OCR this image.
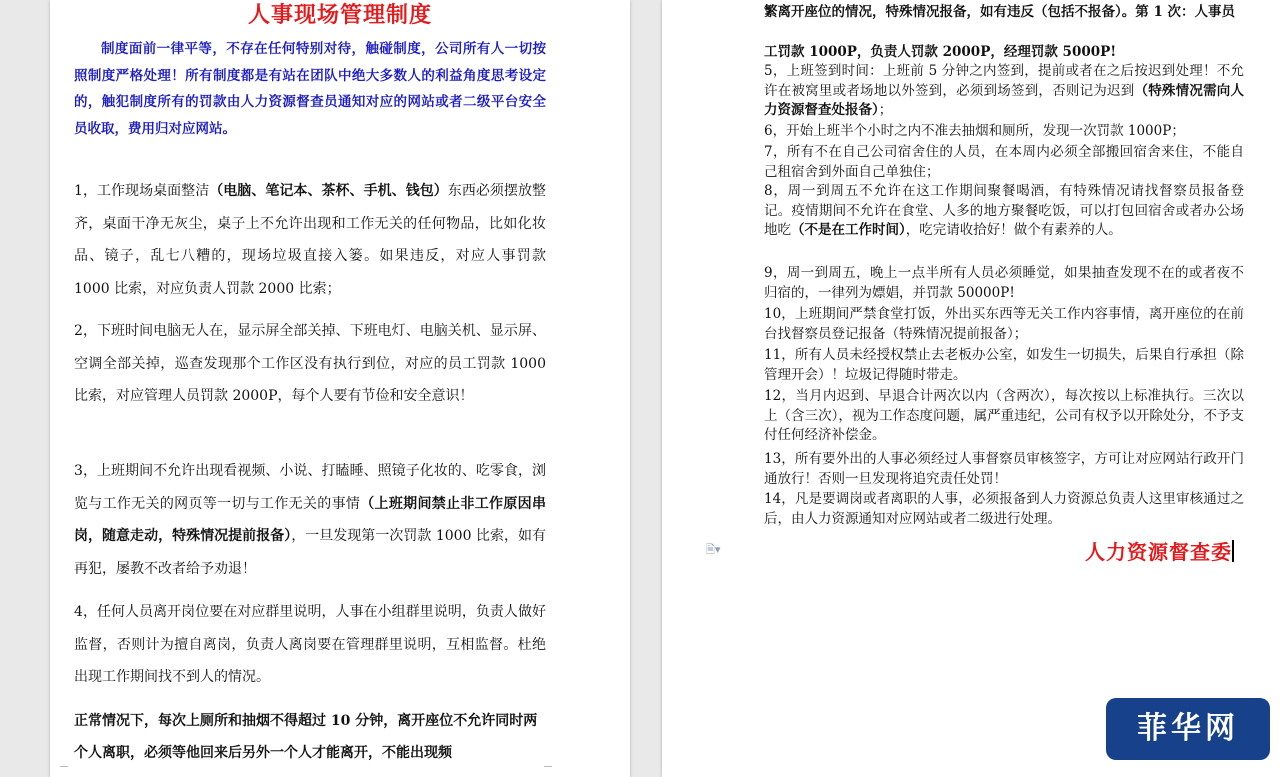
人事现场管理制度
制度面前一律平等，不存在任何特别对待，触碰制度，公司所有人一切按照制度严格处理！所有制度都是有站在团队中绝大多数人的利益角度思考设定的，触犯制度所有的罚款由人力资源督查员通知对应的网站或者二级平台安全员收取，费用归对应网站。
1，工作现场桌面整洁（电脑、笔记本、茶杯、手机、钱包）东西必须摆放整齐，桌面干净无灰尘，桌子上不允许出现和工作无关的任何物品，比如化妆品、镜子，乱七八糟的，现场垃圾直接入篓。如果违反，对应人事罚款 1000 比索，对应负责人罚款 2000 比索；
2，下班时间电脑无人在，显示屏全部关掉、下班电灯、电脑关机、显示屏、空调全部关掉，巡查发现那个工作区没有执行到位，对应的员工罚款 1000 比索，对应管理人员罚款 2000P，每个人要有节俭和安全意识！
3，上班期间不允许出现看视频、小说、打瞌睡、照镜子化妆的、吃零食，浏览与工作无关的网页等一切与工作无关的事情（上班期间禁止非工作原因串岗，随意走动，特殊情况提前报备），一旦发现第一次罚款 1000 比索，如有再犯，屡教不改者给予劝退！
4，任何人员离开岗位要在对应群里说明，人事在小组群里说明，负责人做好监督，否则计为擅自离岗，负责人离岗要在管理群里说明，互相监督。杜绝出现工作期间找不到人的情况。
正常情况下，每次上厕所和抽烟不得超过 10 分钟，离开座位不允许同时两个人离职，必须等他回来后另外一个人才能离开，不能出现频
繁离开座位的情况，特殊情况报备，如有违反（包括不报备）。第 1 次：人事员工罚款 1000P，负责人罚款 2000P，经理罚款 5000P!
5，上班签到时间：上班前 5 分钟之内签到，提前或者在之后按迟到处理！不允许在被窝里或者场地以外签到，必须到场签到，否则记为迟到（特殊情况需向人力资源督查处报备）；
6，开始上班半个小时之内不准去抽烟和厕所，发现一次罚款 1000P；
7，所有不在自己公司宿舍住的人员，在本周内必须全部搬回宿舍来住，不能自己租宿舍到外面自己单独住；
8，周一到周五不允许在这工作期间聚餐喝酒，有特殊情况请找督察员报备登记。疫情期间不允许在食堂、人多的地方聚餐吃饭，可以打包回宿舍或者办公场地吃（不是在工作时间），吃完请收拾好！做个有素养的人。
9，周一到周五，晚上一点半所有人员必须睡觉，如果抽查发现不在的或者夜不归宿的，一律列为嫖娼，并罚款 50000P!
10，上班期间严禁食堂打饭，外出买东西等无关工作内容事情，离开座位的在前台找督察员登记报备（特殊情况提前报备）；
11，所有人员未经授权禁止去老板办公室，如发生一切损失，后果自行承担（除管理开会）！垃圾记得随时带走。
12，当月内迟到、早退合计两次以内（含两次），每次按以上标准执行。三次以上（含三次），视为工作态度问题，属严重违纪，公司有权予以开除处分，不予支付任何经济补偿金。
13，所有要外出的人事必须经过人事督察员审核签字，方可让对应网站行政开门通放行！否则一旦发现将追究责任处罚！
14，凡是要调岗或者离职的人事，必须报备到人力资源总负责人这里审核通过之后，由人力资源通知对应网站或者二级进行处理。
🗎▾	人力资源督查委
菲华网
